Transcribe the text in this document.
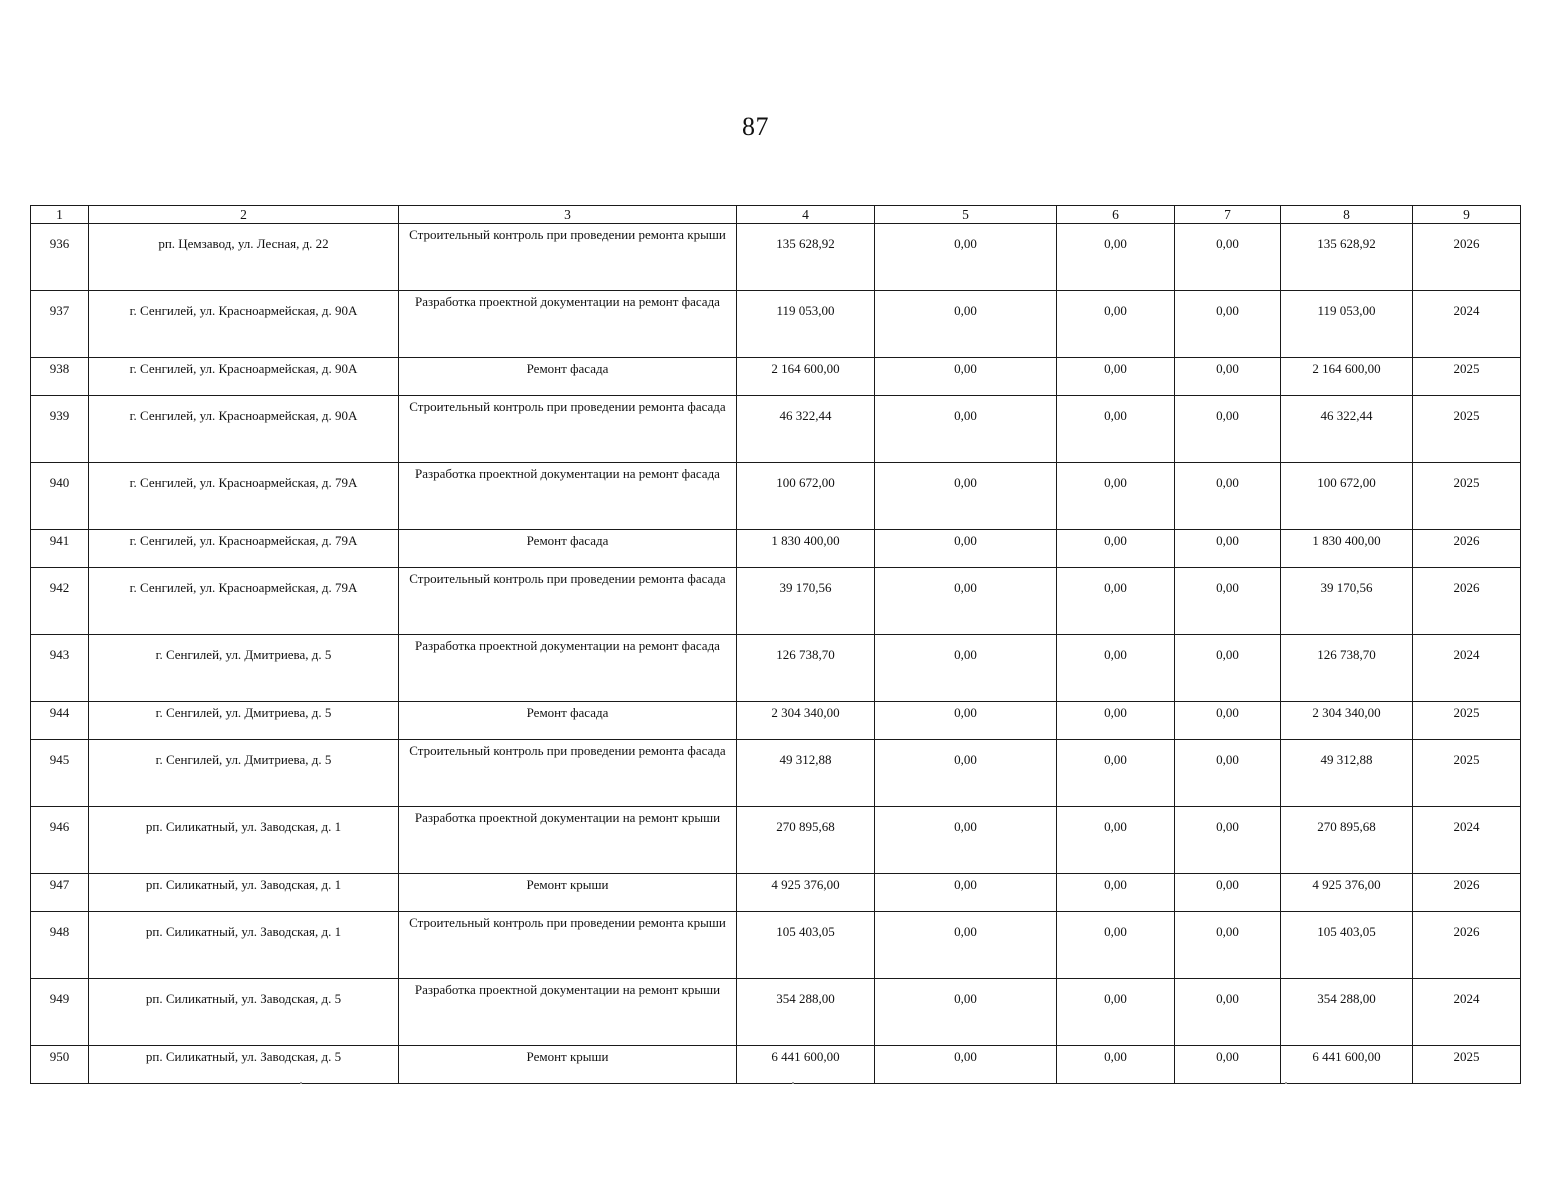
87
1	2	3	4	5	6	7	8	9
936	рп. Цемзавод, ул. Лесная, д. 22	Строительный контроль при проведении ремонта крыши	135 628,92	0,00	0,00	0,00	135 628,92	2026
937	г. Сенгилей, ул. Красноармейская, д. 90А	Разработка проектной документации на ремонт фасада	119 053,00	0,00	0,00	0,00	119 053,00	2024
938	г. Сенгилей, ул. Красноармейская, д. 90А	Ремонт фасада	2 164 600,00	0,00	0,00	0,00	2 164 600,00	2025
939	г. Сенгилей, ул. Красноармейская, д. 90А	Строительный контроль при проведении ремонта фасада	46 322,44	0,00	0,00	0,00	46 322,44	2025
940	г. Сенгилей, ул. Красноармейская, д. 79А	Разработка проектной документации на ремонт фасада	100 672,00	0,00	0,00	0,00	100 672,00	2025
941	г. Сенгилей, ул. Красноармейская, д. 79А	Ремонт фасада	1 830 400,00	0,00	0,00	0,00	1 830 400,00	2026
942	г. Сенгилей, ул. Красноармейская, д. 79А	Строительный контроль при проведении ремонта фасада	39 170,56	0,00	0,00	0,00	39 170,56	2026
943	г. Сенгилей, ул. Дмитриева, д. 5	Разработка проектной документации на ремонт фасада	126 738,70	0,00	0,00	0,00	126 738,70	2024
944	г. Сенгилей, ул. Дмитриева, д. 5	Ремонт фасада	2 304 340,00	0,00	0,00	0,00	2 304 340,00	2025
945	г. Сенгилей, ул. Дмитриева, д. 5	Строительный контроль при проведении ремонта фасада	49 312,88	0,00	0,00	0,00	49 312,88	2025
946	рп. Силикатный, ул. Заводская, д. 1	Разработка проектной документации на ремонт крыши	270 895,68	0,00	0,00	0,00	270 895,68	2024
947	рп. Силикатный, ул. Заводская, д. 1	Ремонт крыши	4 925 376,00	0,00	0,00	0,00	4 925 376,00	2026
948	рп. Силикатный, ул. Заводская, д. 1	Строительный контроль при проведении ремонта крыши	105 403,05	0,00	0,00	0,00	105 403,05	2026
949	рп. Силикатный, ул. Заводская, д. 5	Разработка проектной документации на ремонт крыши	354 288,00	0,00	0,00	0,00	354 288,00	2024
950	рп. Силикатный, ул. Заводская, д. 5	Ремонт крыши	6 441 600,00	0,00	0,00	0,00	6 441 600,00	2025
